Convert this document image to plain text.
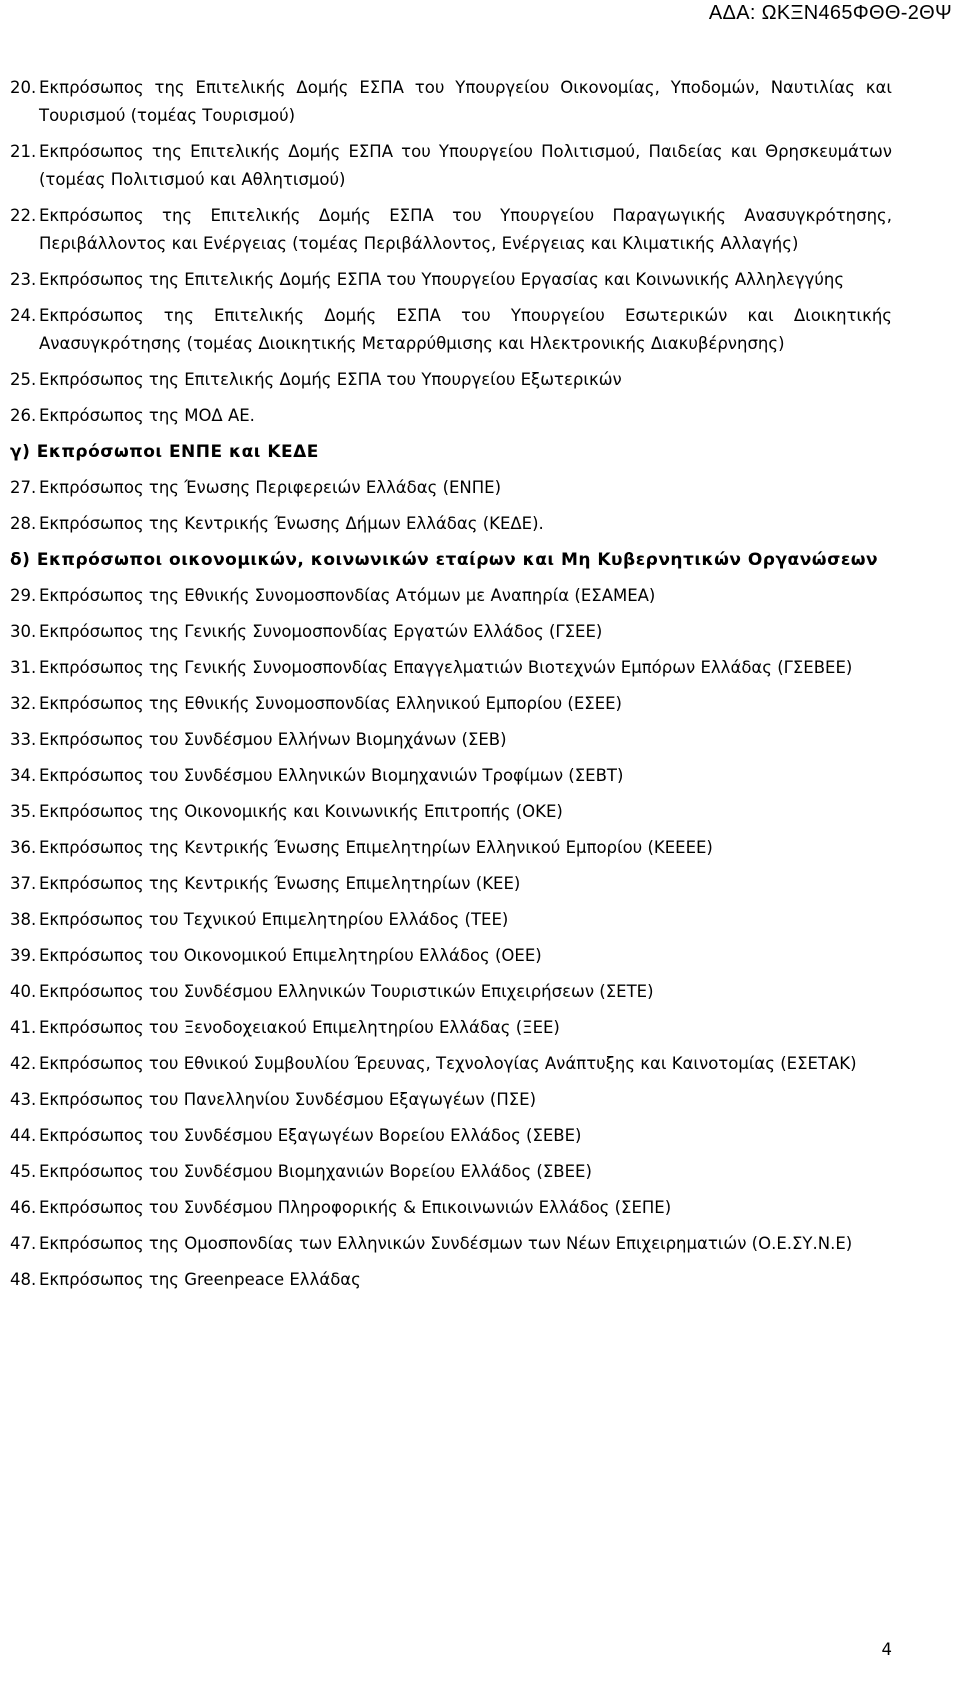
ΑΔΑ: ΩΚΞΝ465ΦΘΘ-2ΘΨ
20. Εκπρόσωπος της Επιτελικής Δομής ΕΣΠΑ του Υπουργείου Οικονομίας, Υποδομών, Ναυτιλίας και Τουρισμού (τομέας Τουρισμού)
21. Εκπρόσωπος της Επιτελικής Δομής ΕΣΠΑ του Υπουργείου Πολιτισμού, Παιδείας και Θρησκευμάτων (τομέας Πολιτισμού και Αθλητισμού)
22. Εκπρόσωπος της Επιτελικής Δομής ΕΣΠΑ του Υπουργείου Παραγωγικής Ανασυγκρότησης, Περιβάλλοντος και Ενέργειας (τομέας Περιβάλλοντος, Ενέργειας και Κλιματικής Αλλαγής)
23. Εκπρόσωπος της Επιτελικής Δομής ΕΣΠΑ του Υπουργείου Εργασίας και Κοινωνικής Αλληλεγγύης
24. Εκπρόσωπος της Επιτελικής Δομής ΕΣΠΑ του Υπουργείου Εσωτερικών και Διοικητικής Ανασυγκρότησης (τομέας Διοικητικής Μεταρρύθμισης και Ηλεκτρονικής Διακυβέρνησης)
25. Εκπρόσωπος της Επιτελικής Δομής ΕΣΠΑ του Υπουργείου Εξωτερικών
26. Εκπρόσωπος της ΜΟΔ ΑΕ.
γ) Εκπρόσωποι ΕΝΠΕ και ΚΕΔΕ
27. Εκπρόσωπος της Ένωσης Περιφερειών Ελλάδας (ΕΝΠΕ)
28. Εκπρόσωπος της Κεντρικής Ένωσης Δήμων Ελλάδας (ΚΕΔΕ).
δ) Εκπρόσωποι οικονομικών, κοινωνικών εταίρων και Μη Κυβερνητικών Οργανώσεων
29. Εκπρόσωπος της Εθνικής Συνομοσπονδίας Ατόμων με Αναπηρία (ΕΣΑΜΕΑ)
30. Εκπρόσωπος της Γενικής Συνομοσπονδίας Εργατών Ελλάδος (ΓΣΕΕ)
31. Εκπρόσωπος της Γενικής Συνομοσπονδίας Επαγγελματιών Βιοτεχνών Εμπόρων Ελλάδας (ΓΣΕΒΕΕ)
32. Εκπρόσωπος της Εθνικής Συνομοσπονδίας Ελληνικού Εμπορίου (ΕΣΕΕ)
33. Εκπρόσωπος του Συνδέσμου Ελλήνων Βιομηχάνων (ΣΕΒ)
34. Εκπρόσωπος του Συνδέσμου Ελληνικών Βιομηχανιών Τροφίμων (ΣΕΒΤ)
35. Εκπρόσωπος της Οικονομικής και Κοινωνικής Επιτροπής (ΟΚΕ)
36. Εκπρόσωπος της Κεντρικής Ένωσης Επιμελητηρίων Ελληνικού Εμπορίου (ΚΕΕΕΕ)
37. Εκπρόσωπος της Κεντρικής Ένωσης Επιμελητηρίων (ΚΕΕ)
38. Εκπρόσωπος του Τεχνικού Επιμελητηρίου Ελλάδος (ΤΕΕ)
39. Εκπρόσωπος του Οικονομικού Επιμελητηρίου Ελλάδος (ΟΕΕ)
40. Εκπρόσωπος του Συνδέσμου Ελληνικών Τουριστικών Επιχειρήσεων (ΣΕΤΕ)
41. Εκπρόσωπος του Ξενοδοχειακού Επιμελητηρίου Ελλάδας (ΞΕΕ)
42. Εκπρόσωπος του Εθνικού Συμβουλίου Έρευνας, Τεχνολογίας Ανάπτυξης και Καινοτομίας (ΕΣΕΤΑΚ)
43. Εκπρόσωπος του Πανελληνίου Συνδέσμου Εξαγωγέων (ΠΣΕ)
44. Εκπρόσωπος του Συνδέσμου Εξαγωγέων Βορείου Ελλάδος (ΣΕΒΕ)
45. Εκπρόσωπος του Συνδέσμου Βιομηχανιών Βορείου Ελλάδος (ΣΒΕΕ)
46. Εκπρόσωπος του Συνδέσμου Πληροφορικής & Επικοινωνιών Ελλάδος (ΣΕΠΕ)
47. Εκπρόσωπος της Ομοσπονδίας των Ελληνικών Συνδέσμων των Νέων Επιχειρηματιών (Ο.Ε.ΣΥ.Ν.Ε)
48. Εκπρόσωπος της Greenpeace Ελλάδας
4
